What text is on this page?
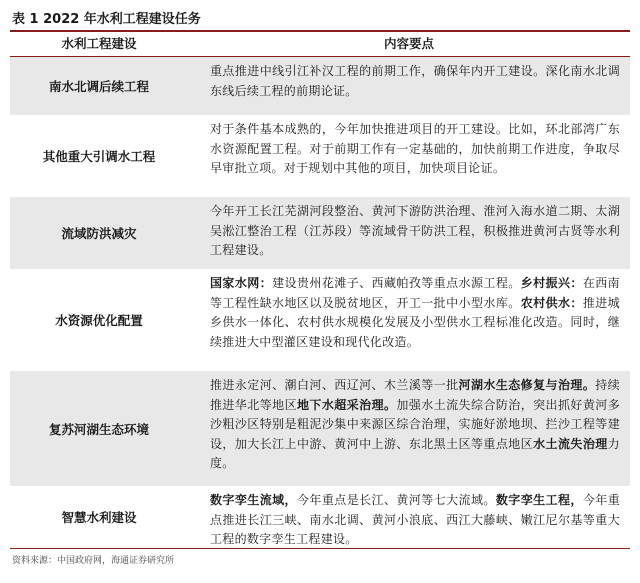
表 1 2022 年水利工程建设任务
水利工程建设	内容要点
南水北调后续工程
重点推进中线引江补汉工程的前期工作，确保年内开工建设。深化南水北调东线后续工程的前期论证。
其他重大引调水工程
对于条件基本成熟的，今年加快推进项目的开工建设。比如，环北部湾广东水资源配置工程。对于前期工作有一定基础的，加快前期工作进度，争取尽早审批立项。对于规划中其他的项目，加快项目论证。
流域防洪减灾
今年开工长江芜湖河段整治、黄河下游防洪治理、淮河入海水道二期、太湖吴淞江整治工程（江苏段）等流域骨干防洪工程，积极推进黄河古贤等水利工程建设。
水资源优化配置
国家水网：建设贵州花滩子、西藏帕孜等重点水源工程。乡村振兴：在西南等工程性缺水地区以及脱贫地区，开工一批中小型水库。农村供水：推进城乡供水一体化、农村供水规模化发展及小型供水工程标准化改造。同时，继续推进大中型灌区建设和现代化改造。
复苏河湖生态环境
推进永定河、潮白河、西辽河、木兰溪等一批河湖水生态修复与治理。持续推进华北等地区地下水超采治理。加强水土流失综合防治，突出抓好黄河多沙粗沙区特别是粗泥沙集中来源区综合治理，实施好淤地坝、拦沙工程等建设，加大长江上中游、黄河中上游、东北黑土区等重点地区水土流失治理力度。
智慧水利建设
数字孪生流域，今年重点是长江、黄河等七大流域。数字孪生工程，今年重点推进长江三峡、南水北调、黄河小浪底、西江大藤峡、嫩江尼尔基等重大工程的数字孪生工程建设。
资料来源：中国政府网，海通证券研究所
